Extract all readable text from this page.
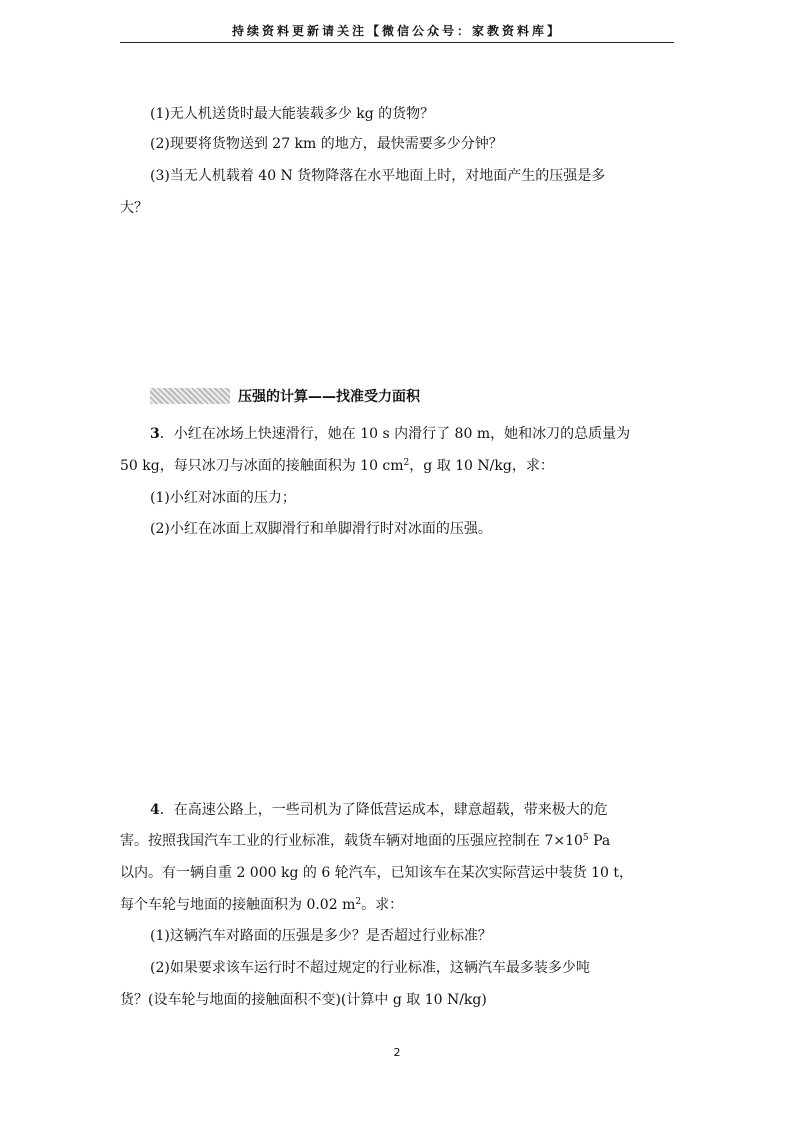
持续资料更新请关注【微信公众号：家教资料库】
(1)无人机送货时最大能装载多少 kg 的货物？
(2)现要将货物送到 27 km 的地方，最快需要多少分钟？
(3)当无人机载着 40 N 货物降落在水平地面上时，对地面产生的压强是多
大？
压强的计算——找准受力面积
3．小红在冰场上快速滑行，她在 10 s 内滑行了 80 m，她和冰刀的总质量为
50 kg，每只冰刀与冰面的接触面积为 10 $cm^2$，g 取 10 N/kg，求：
(1)小红对冰面的压力；
(2)小红在冰面上双脚滑行和单脚滑行时对冰面的压强。
4．在高速公路上，一些司机为了降低营运成本，肆意超载，带来极大的危
害。按照我国汽车工业的行业标准，载货车辆对地面的压强应控制在 $7\times 10^5$ Pa
以内。有一辆自重 2 000 kg 的 6 轮汽车，已知该车在某次实际营运中装货 10 t，
每个车轮与地面的接触面积为 0.02 $m^2$。求：
(1)这辆汽车对路面的压强是多少？是否超过行业标准？
(2)如果要求该车运行时不超过规定的行业标准，这辆汽车最多装多少吨
货？(设车轮与地面的接触面积不变)(计算中 g 取 10 N/kg)
2
